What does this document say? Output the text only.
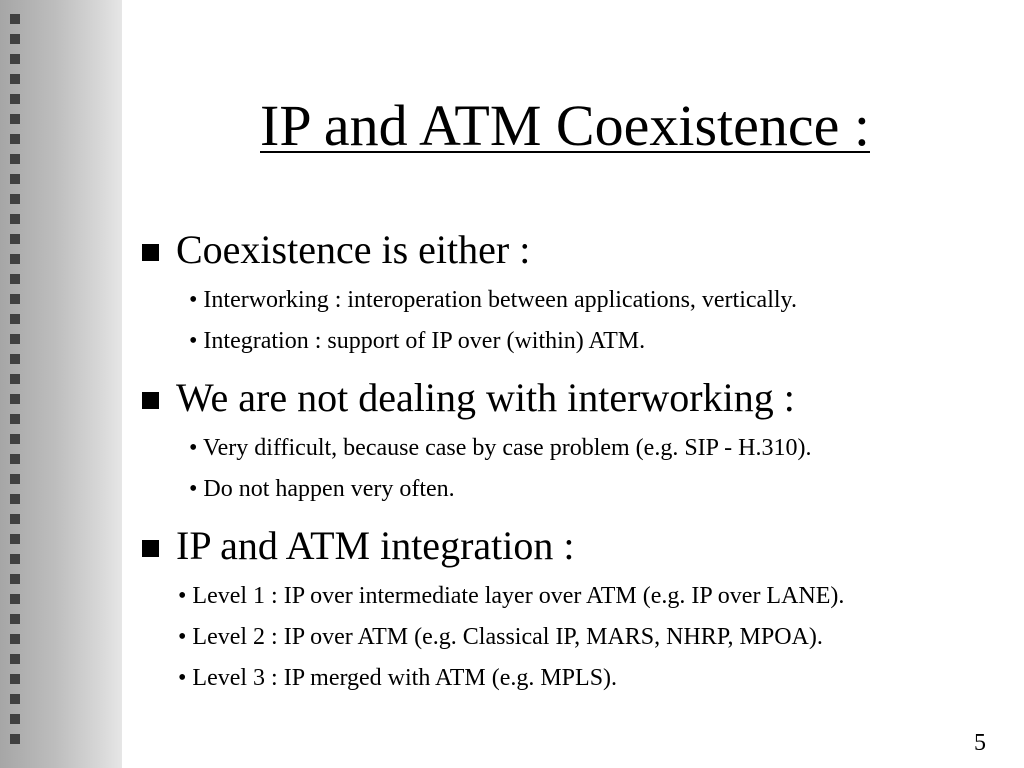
IP and ATM Coexistence :
Coexistence is either :
• Interworking : interoperation between applications, vertically.
• Integration : support of IP over (within) ATM.
We are not dealing with interworking :
• Very difficult, because case by case problem (e.g. SIP - H.310).
• Do not happen very often.
IP and ATM integration :
• Level 1 : IP over intermediate layer over ATM (e.g. IP over LANE).
• Level 2 : IP over ATM (e.g. Classical IP, MARS, NHRP, MPOA).
• Level 3 : IP merged with ATM (e.g. MPLS).
5
